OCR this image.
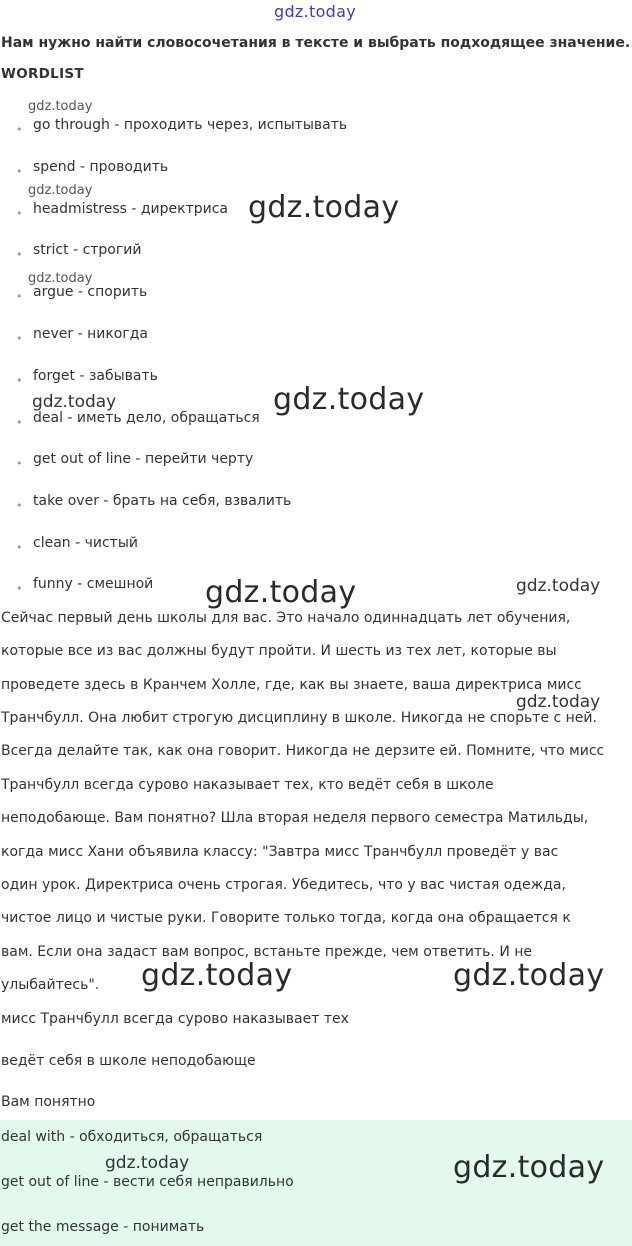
gdz.today
Нам нужно найти словосочетания в тексте и выбрать подходящее значение.
WORDLIST
• go through - проходить через, испытывать
• spend - проводить
• headmistress - директриса
• strict - строгий
• argue - спорить
• never - никогда
• forget - забывать
• deal - иметь дело, обращаться
• get out of line - перейти черту
• take over - брать на себя, взвалить
• clean - чистый
• funny - смешной
Сейчас первый день школы для вас. Это начало одиннадцать лет обучения,
которые все из вас должны будут пройти. И шесть из тех лет, которые вы
проведете здесь в Кранчем Холле, где, как вы знаете, ваша директриса мисс
Транчбулл. Она любит строгую дисциплину в школе. Никогда не спорьте с ней.
Всегда делайте так, как она говорит. Никогда не дерзите ей. Помните, что мисс
Транчбулл всегда сурово наказывает тех, кто ведёт себя в школе
неподобающе. Вам понятно? Шла вторая неделя первого семестра Матильды,
когда мисс Хани объявила классу: "Завтра мисс Транчбулл проведёт у вас
один урок. Директриса очень строгая. Убедитесь, что у вас чистая одежда,
чистое лицо и чистые руки. Говорите только тогда, когда она обращается к
вам. Если она задаст вам вопрос, встаньте прежде, чем ответить. И не
улыбайтесь".
мисс Транчбулл всегда сурово наказывает тех
ведёт себя в школе неподобающе
Вам понятно
deal with - обходиться, обращаться
get out of line - вести себя неправильно
get the message - понимать
gdz.today
gdz.today	gdz.today
gdz.today
gdz.today	gdz.today
gdz.today	gdz.today
gdz.today
gdz.today	gdz.today
gdz.today	gdz.today
